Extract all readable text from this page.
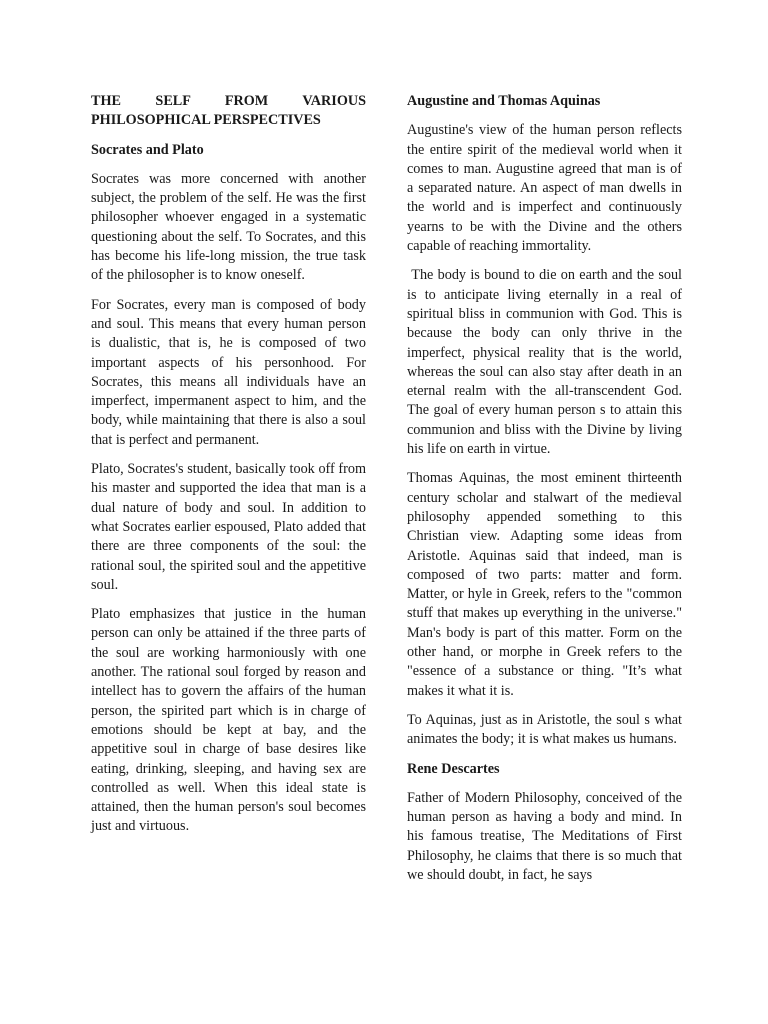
THE SELF FROM VARIOUS PHILOSOPHICAL PERSPECTIVES
Socrates and Plato

Socrates was more concerned with another subject, the problem of the self. He was the first philosopher whoever engaged in a systematic questioning about the self. To Socrates, and this has become his life-long mission, the true task of the philosopher is to know oneself.

For Socrates, every man is composed of body and soul. This means that every human person is dualistic, that is, he is composed of two important aspects of his personhood. For Socrates, this means all individuals have an imperfect, impermanent aspect to him, and the body, while maintaining that there is also a soul that is perfect and permanent.

Plato, Socrates's student, basically took off from his master and supported the idea that man is a dual nature of body and soul. In addition to what Socrates earlier espoused, Plato added that there are three components of the soul: the rational soul, the spirited soul and the appetitive soul.

Plato emphasizes that justice in the human person can only be attained if the three parts of the soul are working harmoniously with one another. The rational soul forged by reason and intellect has to govern the affairs of the human person, the spirited part which is in charge of emotions should be kept at bay, and the appetitive soul in charge of base desires like eating, drinking, sleeping, and having sex are controlled as well. When this ideal state is attained, then the human person's soul becomes just and virtuous.

Augustine and Thomas Aquinas

Augustine's view of the human person reflects the entire spirit of the medieval world when it comes to man. Augustine agreed that man is of a separated nature. An aspect of man dwells in the world and is imperfect and continuously yearns to be with the Divine and the others capable of reaching immortality.

The body is bound to die on earth and the soul is to anticipate living eternally in a real of spiritual bliss in communion with God. This is because the body can only thrive in the imperfect, physical reality that is the world, whereas the soul can also stay after death in an eternal realm with the all-transcendent God. The goal of every human person s to attain this communion and bliss with the Divine by living his life on earth in virtue.

Thomas Aquinas, the most eminent thirteenth century scholar and stalwart of the medieval philosophy appended something to this Christian view. Adapting some ideas from Aristotle. Aquinas said that indeed, man is composed of two parts: matter and form. Matter, or hyle in Greek, refers to the "common stuff that makes up everything in the universe." Man's body is part of this matter. Form on the other hand, or morphe in Greek refers to the "essence of a substance or thing. "It’s what makes it what it is.

To Aquinas, just as in Aristotle, the soul s what animates the body; it is what makes us humans.

Rene Descartes

Father of Modern Philosophy, conceived of the human person as having a body and mind. In his famous treatise, The Meditations of First Philosophy, he claims that there is so much that we should doubt, in fact, he says
